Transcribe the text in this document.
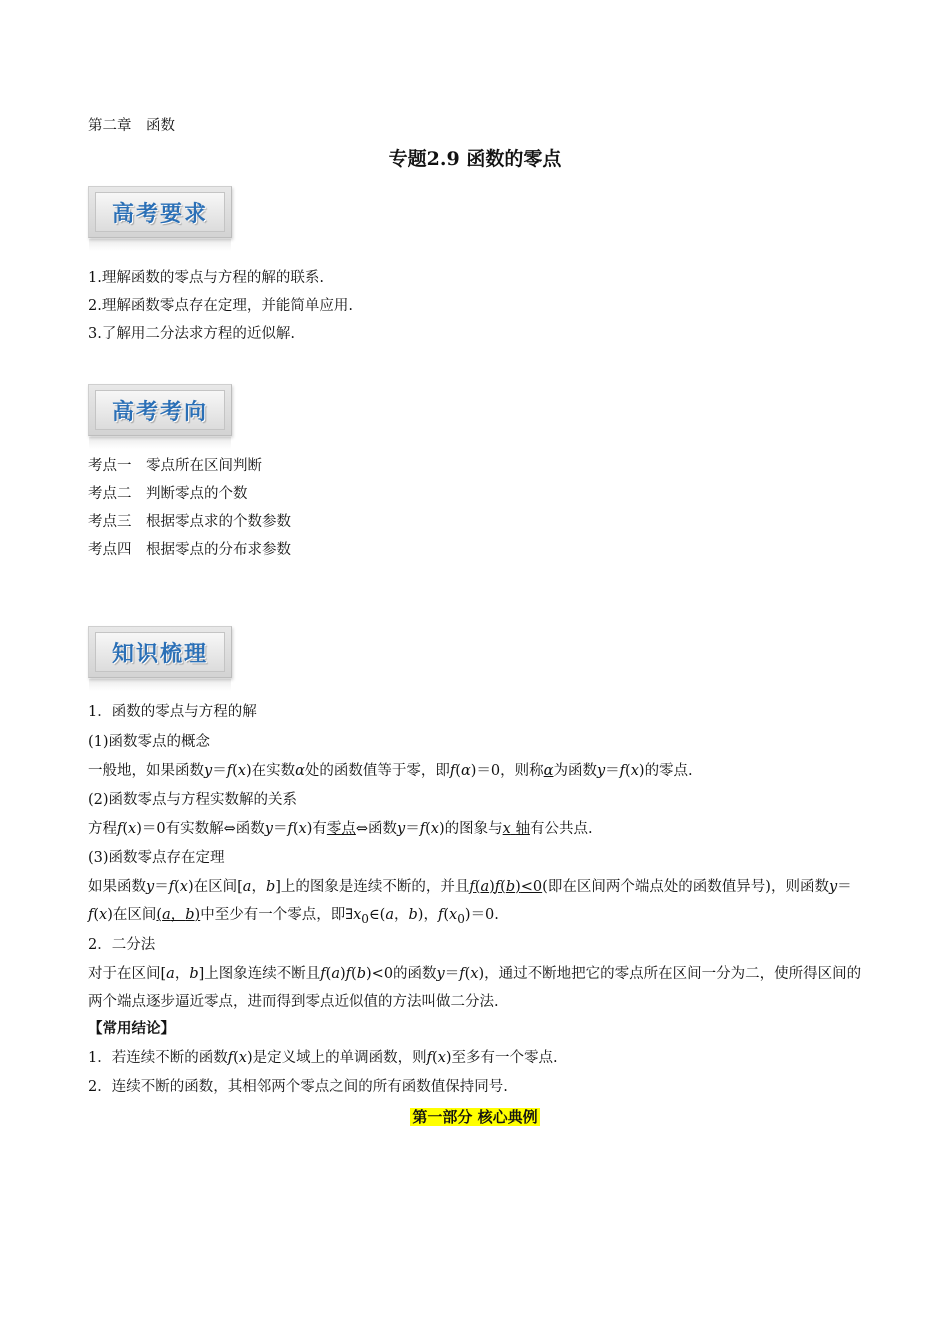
第二章　函数
专题2.9 函数的零点
高考要求
1.理解函数的零点与方程的解的联系.
2.理解函数零点存在定理，并能简单应用.
3.了解用二分法求方程的近似解.
高考考向
考点一　零点所在区间判断
考点二　判断零点的个数
考点三　根据零点求的个数参数
考点四　根据零点的分布求参数
知识梳理
1．函数的零点与方程的解
(1)函数零点的概念
一般地，如果函数y＝f(x)在实数α处的函数值等于零，即f(α)＝0，则称α为函数y＝f(x)的零点.
(2)函数零点与方程实数解的关系
方程f(x)＝0有实数解⇔函数y＝f(x)有零点⇔函数y＝f(x)的图象与x 轴有公共点.
(3)函数零点存在定理

如果函数y＝f(x)在区间[a，b]上的图象是连续不断的，并且f(a)f(b)<0(即在区间两个端点处的函数值异号)，则函数y＝f(x)在区间(a，b)中至少有一个零点，即$\exists x_0\in(a$，b)，$f(x_0)=0$.

2．二分法

对于在区间[a，b]上图象连续不断且f(a)f(b)<0的函数y＝f(x)，通过不断地把它的零点所在区间一分为二，使所得区间的两个端点逐步逼近零点，进而得到零点近似值的方法叫做二分法.

【常用结论】
1．若连续不断的函数f(x)是定义域上的单调函数，则f(x)至多有一个零点.
2．连续不断的函数，其相邻两个零点之间的所有函数值保持同号.
第一部分 核心典例
